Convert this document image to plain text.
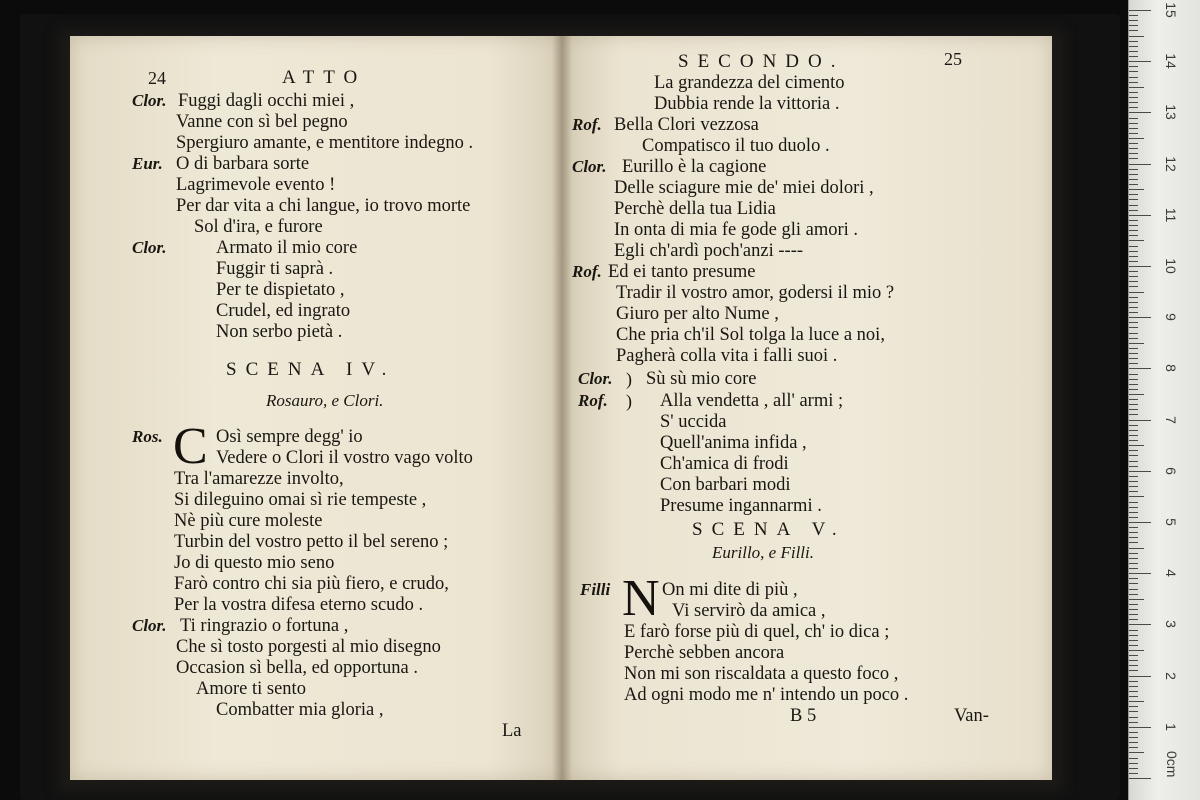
24	ATTO
Clor. Fuggi dagli occhi miei ,
Vanne con sì bel pegno
Spergiuro amante, e mentitore indegno .
Eur. O di barbara sorte
Lagrimevole evento !
Per dar vita a chi langue, io trovo morte
Sol d'ira, e furore
Clor.	Armato il mio core
Fuggir ti saprà .
Per te dispietato ,
Crudel, ed ingrato
Non serbo pietà .
SCENA IV.
Rosauro, e Clori.
Ros. C Osì sempre degg' io
Vedere o Clori il vostro vago volto
Tra l'amarezze involto,
Si dileguino omai sì rie tempeste ,
Nè più cure moleste
Turbin del vostro petto il bel sereno ;
Jo di questo mio seno
Farò contro chi sia più fiero, e crudo,
Per la vostra difesa eterno scudo .
Clor. Ti ringrazio o fortuna ,
Che sì tosto porgesti al mio disegno
Occasion sì bella, ed opportuna .
Amore ti sento
Combatter mia gloria ,
La
SECONDO.	25
La grandezza del cimento
Dubbia rende la vittoria .
Rof. Bella Clori vezzosa
Compatisco il tuo duolo .
Clor. Eurillo è la cagione
Delle sciagure mie de' miei dolori ,
Perchè della tua Lidia
In onta di mia fe gode gli amori .
Egli ch'ardì poch'anzi ----
Rof. Ed ei tanto presume
Tradir il vostro amor, godersi il mio ?
Giuro per alto Nume ,
Che pria ch'il Sol tolga la luce a noi,
Pagherà colla vita i falli suoi .
Clor. ) Sù sù mio core
Rof. ) Alla vendetta , all' armi ;
S' uccida
Quell'anima infida ,
Ch'amica di frodi
Con barbari modi
Presume ingannarmi .
SCENA V.
Eurillo, e Filli.
Filli N On mi dite di più ,
Vi servirò da amica ,
E farò forse più di quel, ch' io dica ;
Perchè sebben ancora
Non mi son riscaldata a questo foco ,
Ad ogni modo me n' intendo un poco .
B 5	Van-
0cm
1
2
3
4
5
6
7
8
9
10
11
12
13
14
15
